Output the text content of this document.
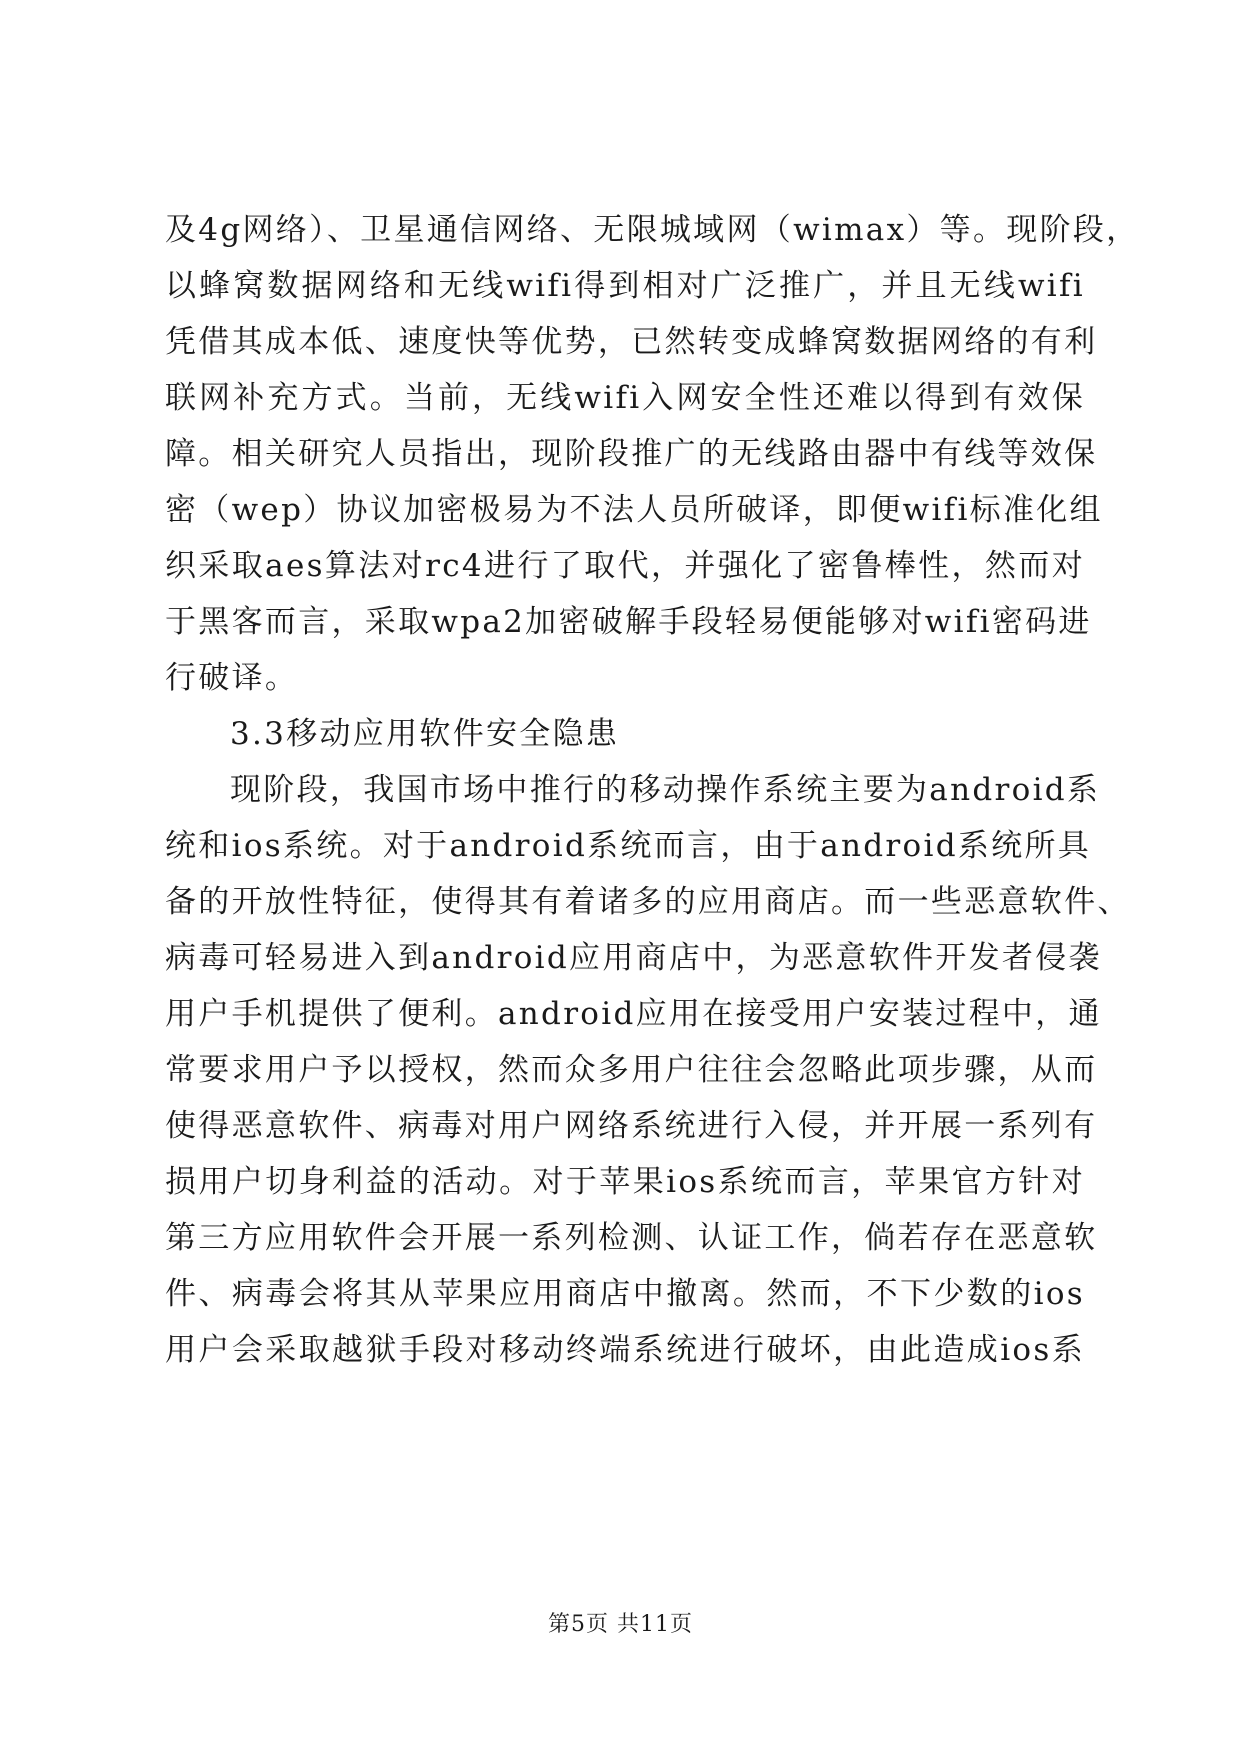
及4g网络）、卫星通信网络、无限城域网（wimax）等。现阶段，
以蜂窝数据网络和无线wifi得到相对广泛推广，并且无线wifi
凭借其成本低、速度快等优势，已然转变成蜂窝数据网络的有利
联网补充方式。当前，无线wifi入网安全性还难以得到有效保
障。相关研究人员指出，现阶段推广的无线路由器中有线等效保
密（wep）协议加密极易为不法人员所破译，即便wifi标准化组
织采取aes算法对rc4进行了取代，并强化了密鲁棒性，然而对
于黑客而言，采取wpa2加密破解手段轻易便能够对wifi密码进
行破译。
3.3移动应用软件安全隐患
现阶段，我国市场中推行的移动操作系统主要为android系
统和ios系统。对于android系统而言，由于android系统所具
备的开放性特征，使得其有着诸多的应用商店。而一些恶意软件、
病毒可轻易进入到android应用商店中，为恶意软件开发者侵袭
用户手机提供了便利。android应用在接受用户安装过程中，通
常要求用户予以授权，然而众多用户往往会忽略此项步骤，从而
使得恶意软件、病毒对用户网络系统进行入侵，并开展一系列有
损用户切身利益的活动。对于苹果ios系统而言，苹果官方针对
第三方应用软件会开展一系列检测、认证工作，倘若存在恶意软
件、病毒会将其从苹果应用商店中撤离。然而，不下少数的ios
用户会采取越狱手段对移动终端系统进行破坏，由此造成ios系
第5页 共11页
